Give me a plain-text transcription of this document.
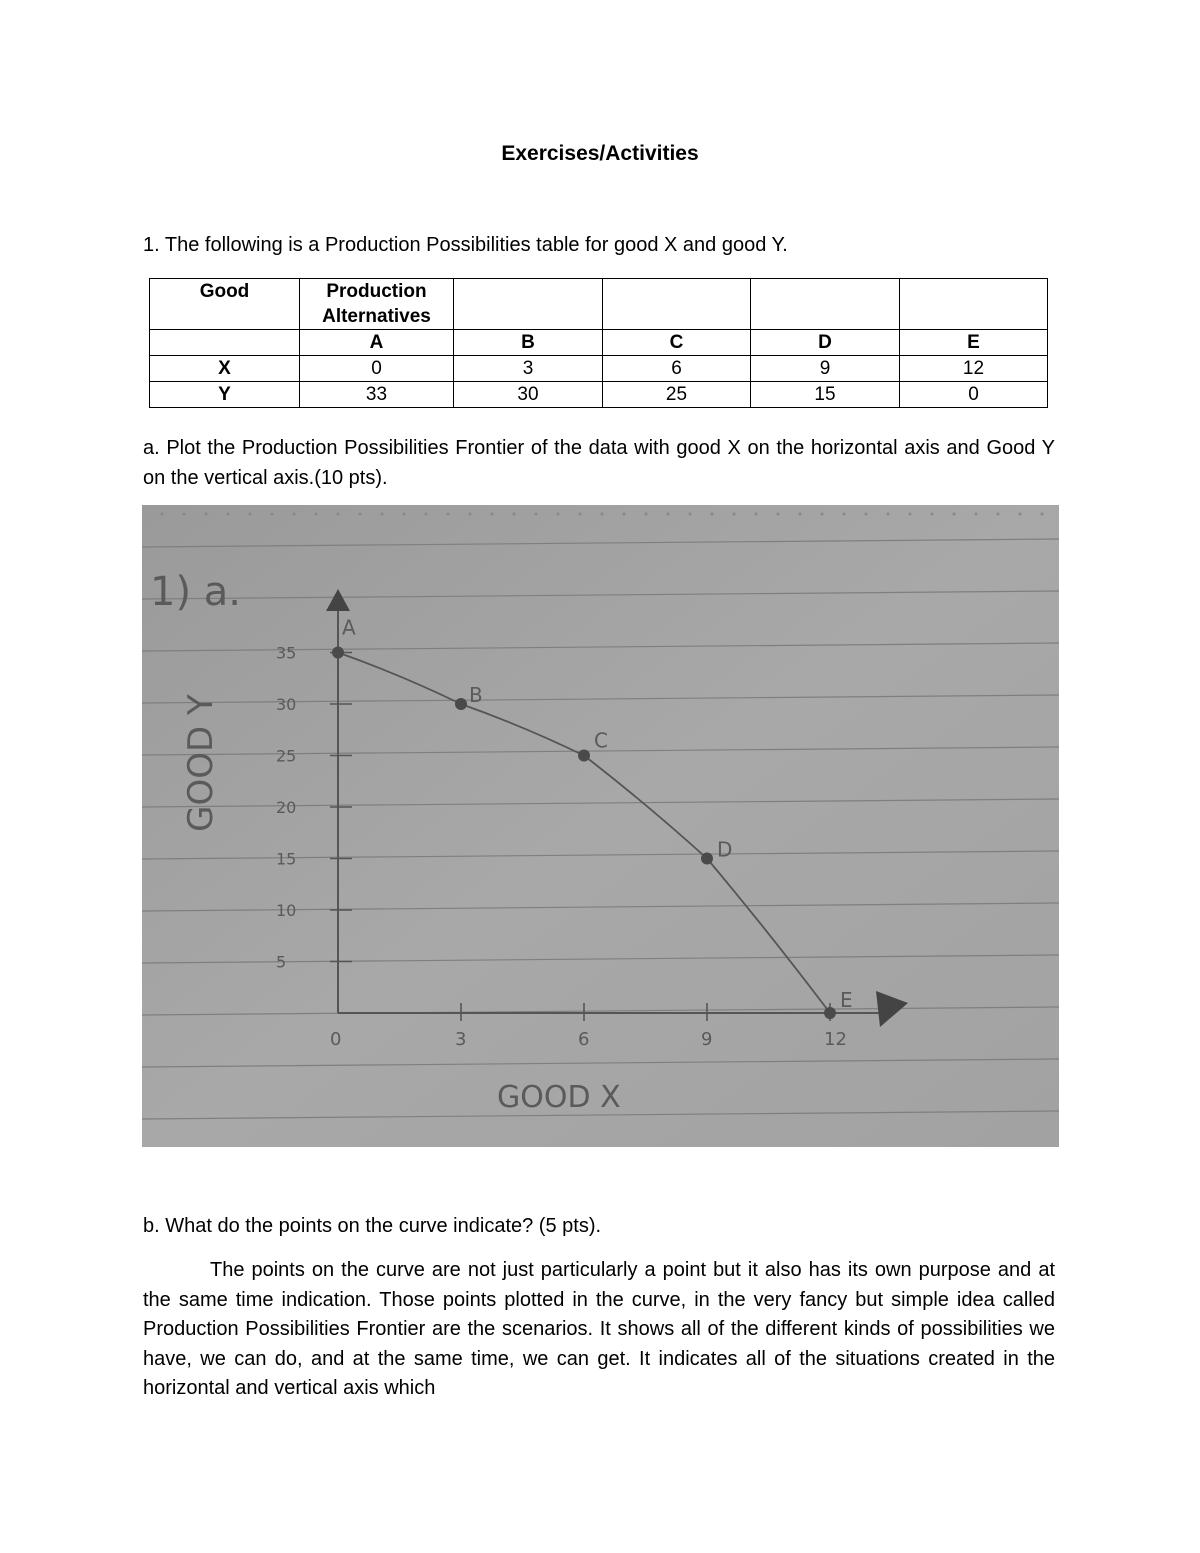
Exercises/Activities
1. The following is a Production Possibilities table for good X and good Y.
Good	Production Alternatives				
	A	B	C	D	E
X	0	3	6	9	12
Y	33	30	25	15	0
a. Plot the Production Possibilities Frontier of the data with good X on the horizontal axis and Good Y on the vertical axis.(10 pts).
1) a.
35
30
25
20
15
10
5
0	3	6	9	12
A
B
C
D
E
GOOD X
GOOD Y
b. What do the points on the curve indicate? (5 pts).
The points on the curve are not just particularly a point but it also has its own purpose and at the same time indication. Those points plotted in the curve, in the very fancy but simple idea called Production Possibilities Frontier are the scenarios. It shows all of the different kinds of possibilities we have, we can do, and at the same time, we can get. It indicates all of the situations created in the horizontal and vertical axis which
